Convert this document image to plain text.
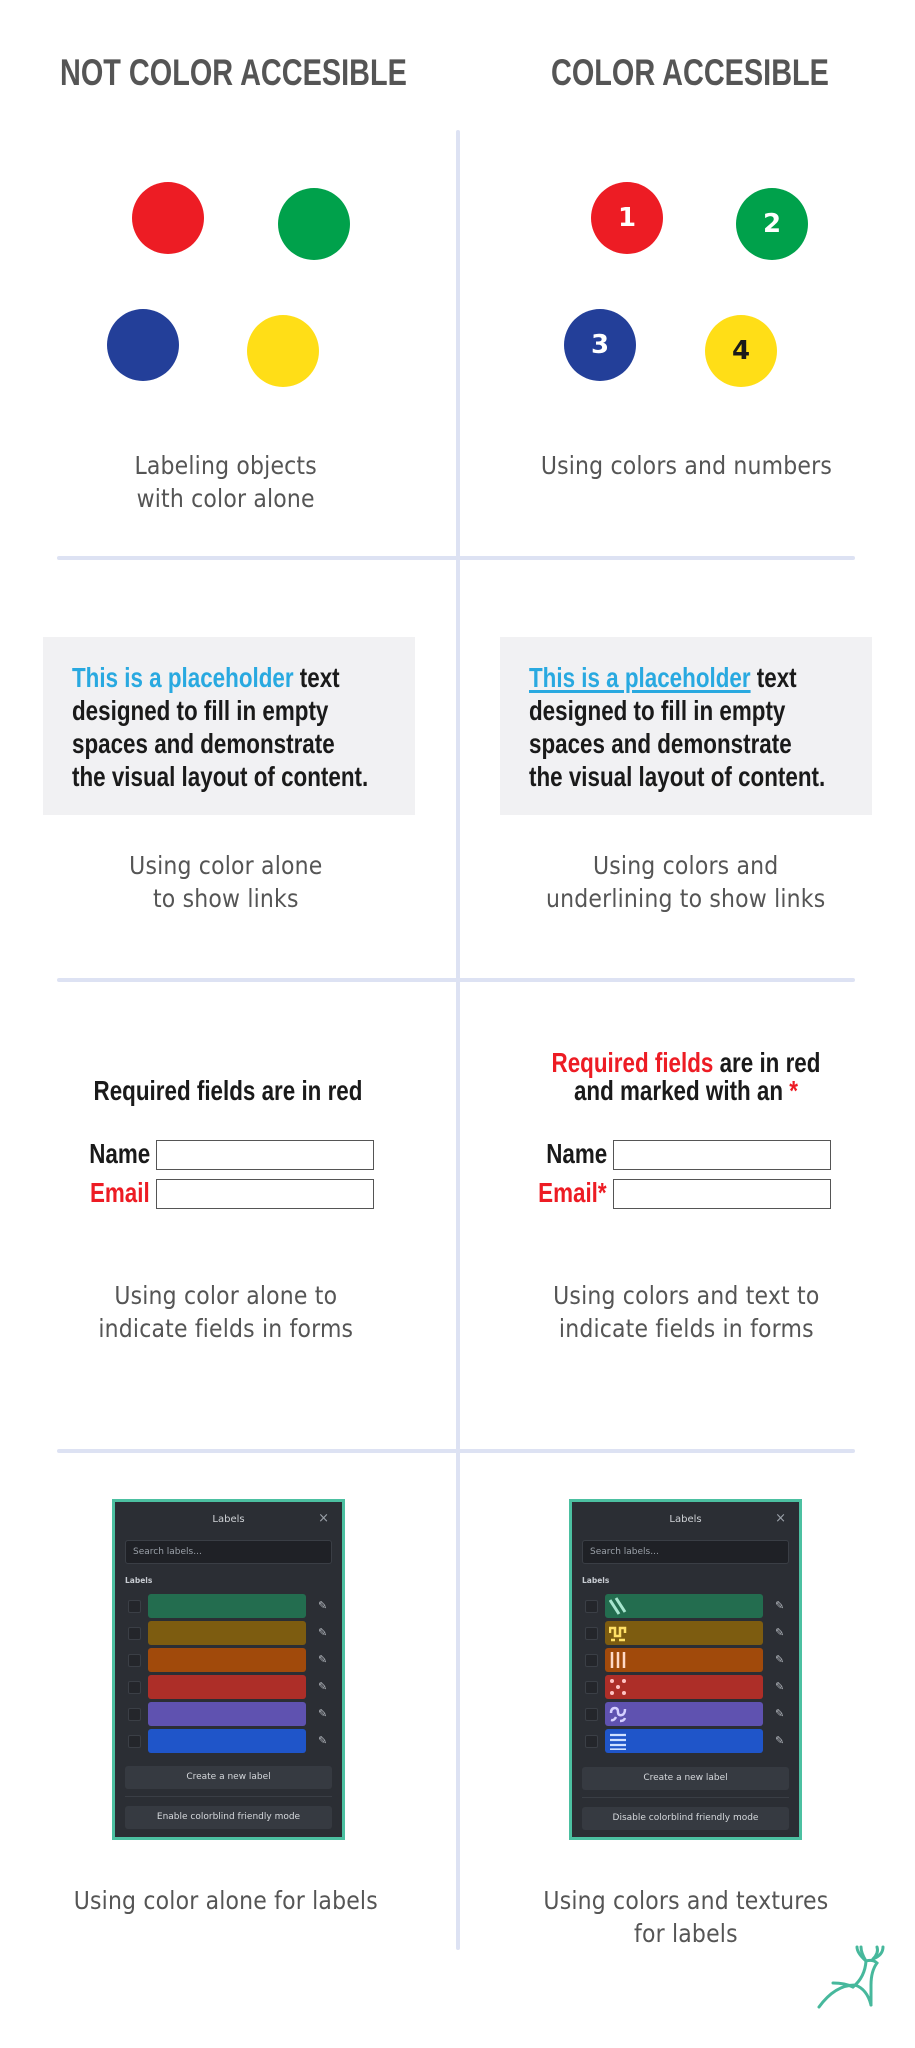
NOT COLOR ACCESIBLE	COLOR ACCESIBLE
Labeling objects
with color alone
1	2
3	4
Using colors and numbers
This is a placeholder text
designed to fill in empty
spaces and demonstrate
the visual layout of content.
Using color alone
to show links
This is a placeholder text
designed to fill in empty
spaces and demonstrate
the visual layout of content.
Using colors and
underlining to show links
Required fields are in red
Name
Email
Using color alone to
indicate fields in forms
Required fields are in red
and marked with an *
Name
Email*
Using colors and text to
indicate fields in forms
Labels	×
Search labels...
Labels
✎
✎
✎
✎
✎
✎
Create a new label
Enable colorblind friendly mode
Using color alone for labels
Labels	×
Search labels...
Labels
✎
✎
✎
✎
✎
✎
Create a new label
Disable colorblind friendly mode
Using colors and textures
for labels
